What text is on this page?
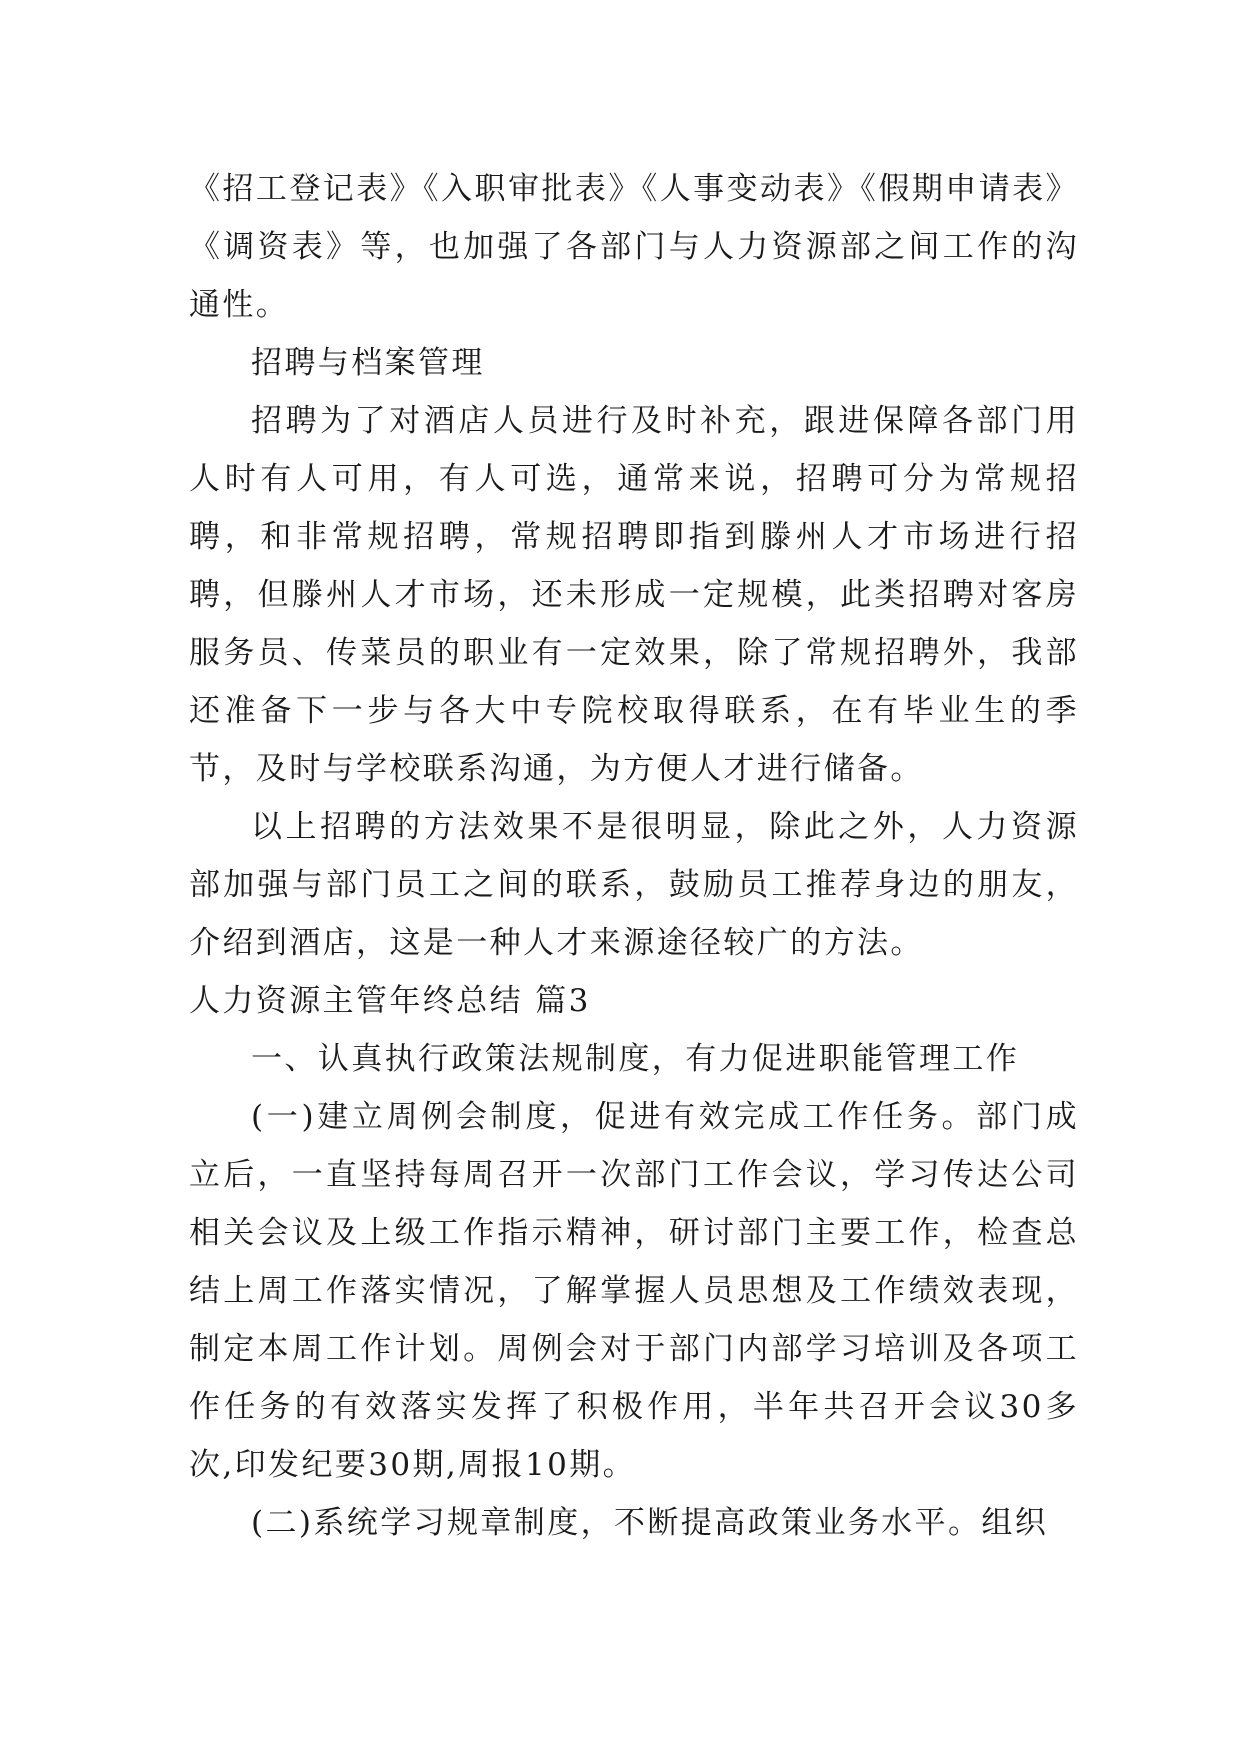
《招工登记表》《入职审批表》《人事变动表》《假期申请表》《调资表》等，也加强了各部门与人力资源部之间工作的沟通性。

招聘与档案管理

招聘为了对酒店人员进行及时补充，跟进保障各部门用人时有人可用，有人可选，通常来说，招聘可分为常规招聘，和非常规招聘，常规招聘即指到滕州人才市场进行招聘，但滕州人才市场，还未形成一定规模，此类招聘对客房服务员、传菜员的职业有一定效果，除了常规招聘外，我部还准备下一步与各大中专院校取得联系，在有毕业生的季节，及时与学校联系沟通，为方便人才进行储备。

以上招聘的方法效果不是很明显，除此之外，人力资源部加强与部门员工之间的联系，鼓励员工推荐身边的朋友，介绍到酒店，这是一种人才来源途径较广的方法。

人力资源主管年终总结 篇3

一、认真执行政策法规制度，有力促进职能管理工作

(一)建立周例会制度，促进有效完成工作任务。部门成立后，一直坚持每周召开一次部门工作会议，学习传达公司相关会议及上级工作指示精神，研讨部门主要工作，检查总结上周工作落实情况，了解掌握人员思想及工作绩效表现，制定本周工作计划。周例会对于部门内部学习培训及各项工作任务的有效落实发挥了积极作用，半年共召开会议30多次,印发纪要30期,周报10期。

(二)系统学习规章制度，不断提高政策业务水平。组织
